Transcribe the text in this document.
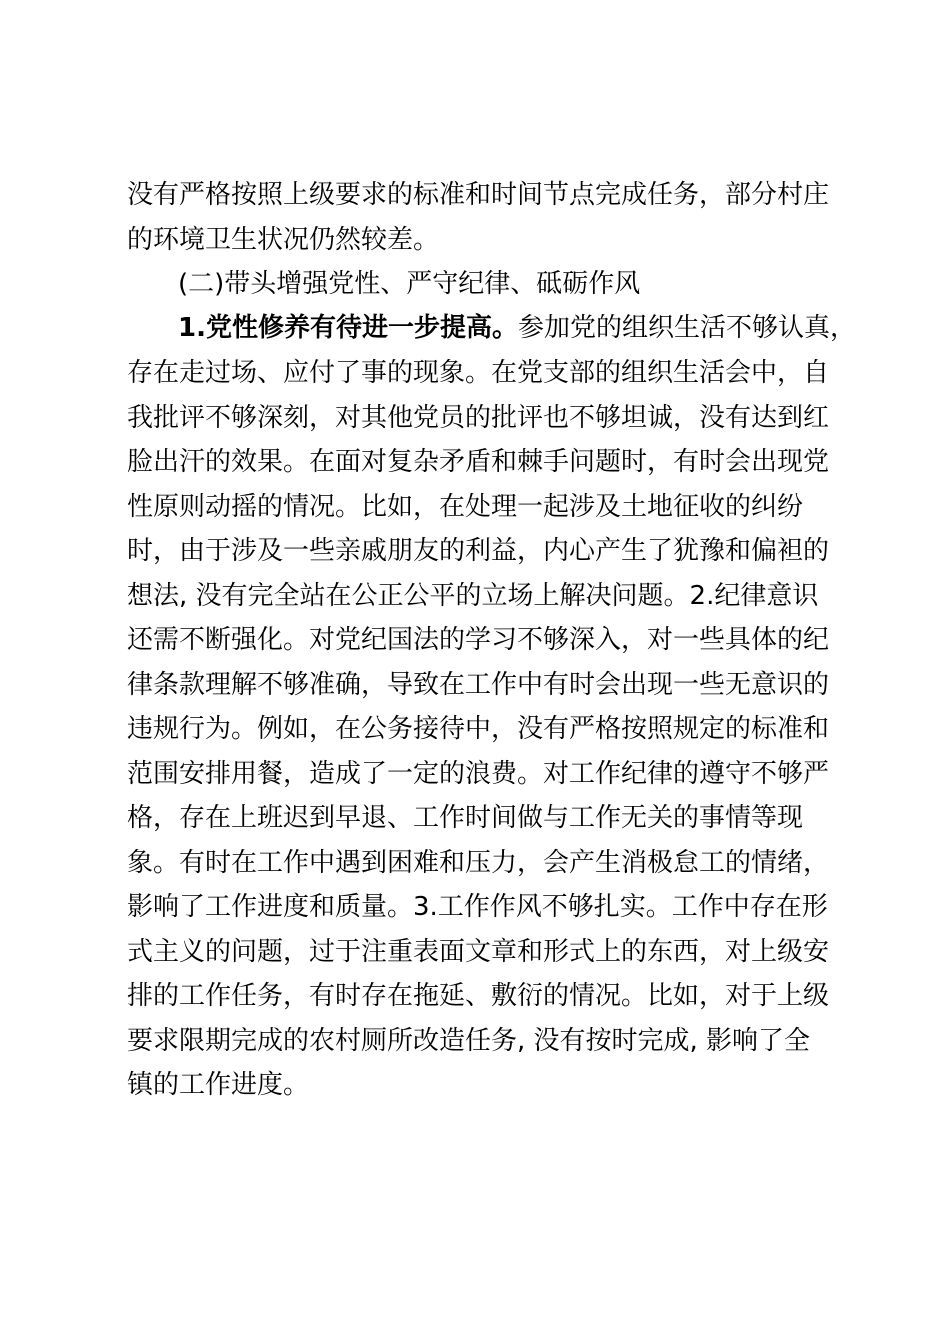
没有严格按照上级要求的标准和时间节点完成任务，部分村庄
的环境卫生状况仍然较差。
(二)带头增强党性、严守纪律、砥砺作风
1.党性修养有待进一步提高。参加党的组织生活不够认真，
存在走过场、应付了事的现象。在党支部的组织生活会中，自
我批评不够深刻，对其他党员的批评也不够坦诚，没有达到红
脸出汗的效果。在面对复杂矛盾和棘手问题时，有时会出现党
性原则动摇的情况。比如，在处理一起涉及土地征收的纠纷
时，由于涉及一些亲戚朋友的利益，内心产生了犹豫和偏袒的
想法, 没有完全站在公正公平的立场上解决问题。2.纪律意识
还需不断强化。对党纪国法的学习不够深入，对一些具体的纪
律条款理解不够准确，导致在工作中有时会出现一些无意识的
违规行为。例如，在公务接待中，没有严格按照规定的标准和
范围安排用餐，造成了一定的浪费。对工作纪律的遵守不够严
格，存在上班迟到早退、工作时间做与工作无关的事情等现
象。有时在工作中遇到困难和压力，会产生消极怠工的情绪，
影响了工作进度和质量。3.工作作风不够扎实。工作中存在形
式主义的问题，过于注重表面文章和形式上的东西，对上级安
排的工作任务，有时存在拖延、敷衍的情况。比如，对于上级
要求限期完成的农村厕所改造任务, 没有按时完成, 影响了全
镇的工作进度。
